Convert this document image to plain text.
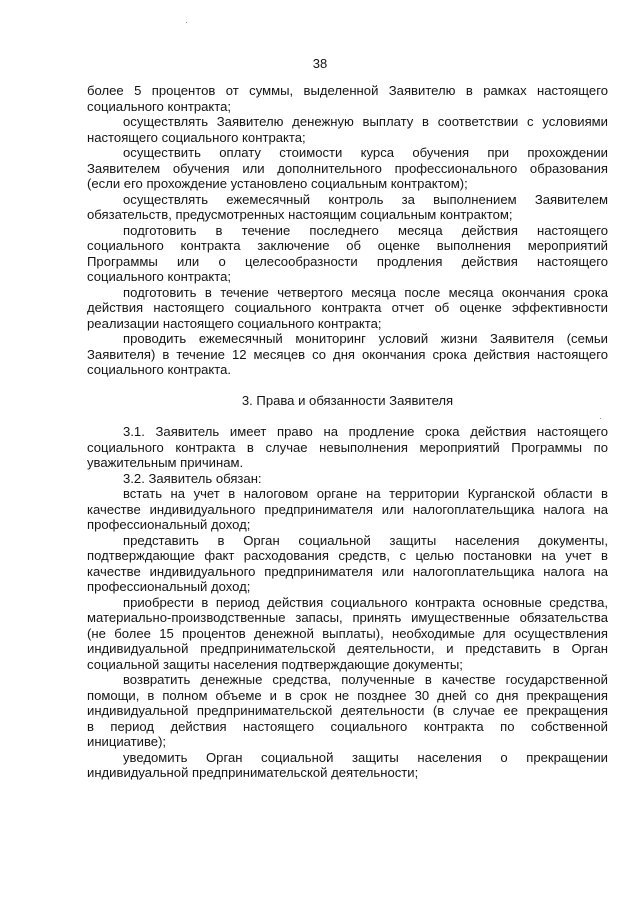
38
более 5 процентов от суммы, выделенной Заявителю в рамках настоящего
социального контракта;
осуществлять Заявителю денежную выплату в соответствии с условиями
настоящего социального контракта;
осуществить оплату стоимости курса обучения при прохождении
Заявителем обучения или дополнительного профессионального образования
(если его прохождение установлено социальным контрактом);
осуществлять ежемесячный контроль за выполнением Заявителем
обязательств, предусмотренных настоящим социальным контрактом;
подготовить в течение последнего месяца действия настоящего
социального контракта заключение об оценке выполнения мероприятий
Программы или о целесообразности продления действия настоящего
социального контракта;
подготовить в течение четвертого месяца после месяца окончания срока
действия настоящего социального контракта отчет об оценке эффективности
реализации настоящего социального контракта;
проводить ежемесячный мониторинг условий жизни Заявителя (семьи
Заявителя) в течение 12 месяцев со дня окончания срока действия настоящего
социального контракта.
3. Права и обязанности Заявителя
3.1. Заявитель имеет право на продление срока действия настоящего
социального контракта в случае невыполнения мероприятий Программы по
уважительным причинам.
3.2. Заявитель обязан:
встать на учет в налоговом органе на территории Курганской области в
качестве индивидуального предпринимателя или налогоплательщика налога на
профессиональный доход;
представить в Орган социальной защиты населения документы,
подтверждающие факт расходования средств, с целью постановки на учет в
качестве индивидуального предпринимателя или налогоплательщика налога на
профессиональный доход;
приобрести в период действия социального контракта основные средства,
материально-производственные запасы, принять имущественные обязательства
(не более 15 процентов денежной выплаты), необходимые для осуществления
индивидуальной предпринимательской деятельности, и представить в Орган
социальной защиты населения подтверждающие документы;
возвратить денежные средства, полученные в качестве государственной
помощи, в полном объеме и в срок не позднее 30 дней со дня прекращения
индивидуальной предпринимательской деятельности (в случае ее прекращения
в период действия настоящего социального контракта по собственной
инициативе);
уведомить Орган социальной защиты населения о прекращении
индивидуальной предпринимательской деятельности;
